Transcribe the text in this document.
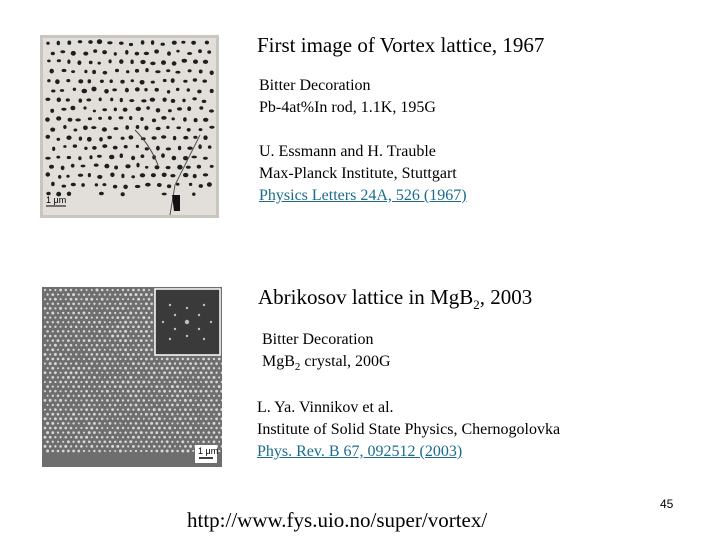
1 μm
1 μm
First image of Vortex lattice, 1967
Bitter Decoration
Pb-4at%In rod, 1.1K, 195G
U. Essmann and H. Trauble
Max-Planck Institute, Stuttgart
Physics Letters 24A, 526 (1967)
Abrikosov lattice in MgB$_2$, 2003
Bitter Decoration
MgB$_2$ crystal, 200G
L. Ya. Vinnikov et al.
Institute of Solid State Physics, Chernogolovka
Phys. Rev. B 67, 092512 (2003)
http://www.fys.uio.no/super/vortex/
45
